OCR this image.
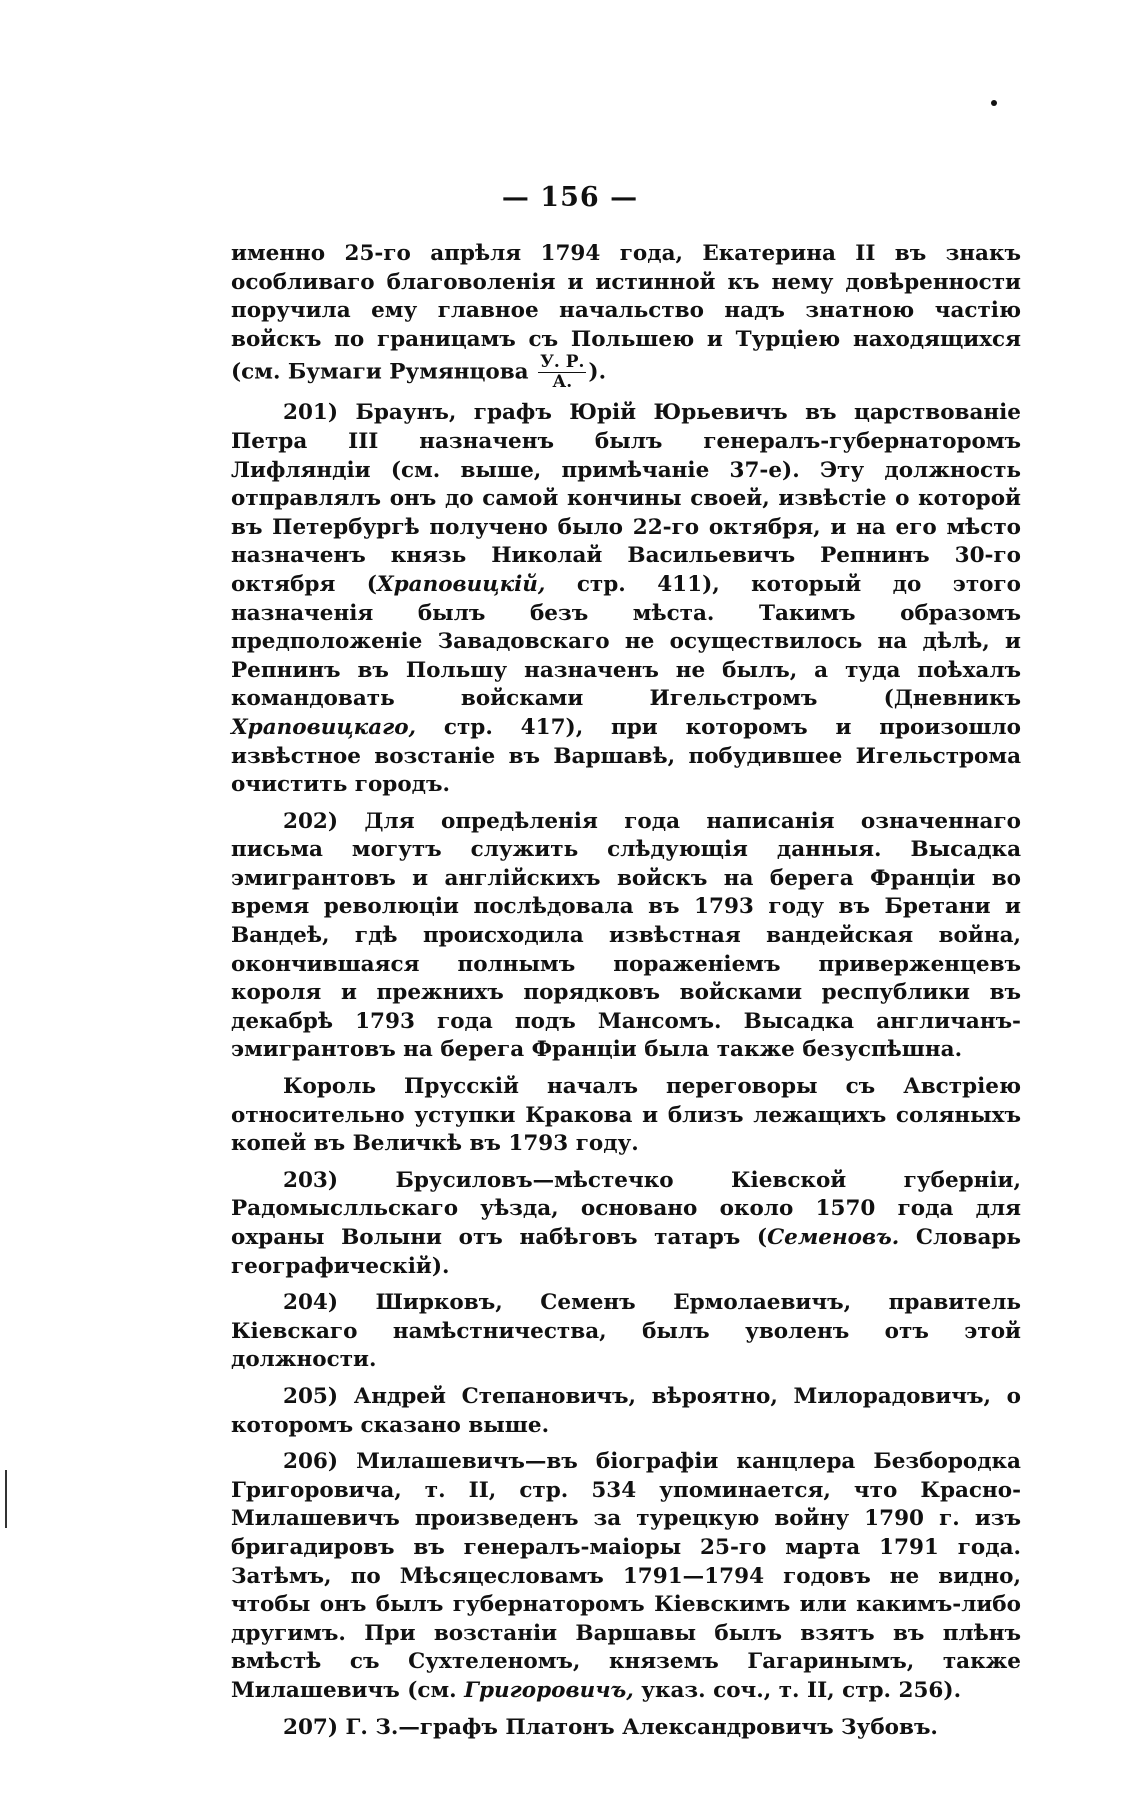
— 156 —

именно 25-го апрѣля 1794 года, Екатерина II въ знакъ особливаго благоволенія и истинной къ нему довѣренности поручила ему главное начальство надъ знатною частію войскъ по границамъ съ Польшею и Турціею находящихся (см. Бумаги Румянцова $\frac{У. Р.}{А.}$ ).

201) Браунъ, графъ Юрій Юрьевичъ въ царствованіе Петра III назначенъ былъ генералъ-губернаторомъ Лифляндіи (см. выше, примѣчаніе 37-е). Эту должность отправлялъ онъ до самой кончины своей, извѣстіе о которой въ Петербургѣ получено было 22-го октября, и на его мѣсто назначенъ князь Николай Васильевичъ Репнинъ 30-го октября (Храповицкій, стр. 411), который до этого назначенія былъ безъ мѣста. Такимъ образомъ предположеніе Завадовскаго не осуществилось на дѣлѣ, и Репнинъ въ Польшу назначенъ не былъ, а туда поѣхалъ командовать войсками Игельстромъ (Дневникъ Храповицкаго, стр. 417), при которомъ и произошло извѣстное возстаніе въ Варшавѣ, побудившее Игельстрома очистить городъ.

202) Для опредѣленія года написанія означеннаго письма могутъ служить слѣдующія данныя. Высадка эмигрантовъ и англійскихъ войскъ на берега Франціи во время революціи послѣдовала въ 1793 году въ Бретани и Вандеѣ, гдѣ происходила извѣстная вандейская война, окончившаяся полнымъ пораженіемъ приверженцевъ короля и прежнихъ порядковъ войсками республики въ декабрѣ 1793 года подъ Мансомъ. Высадка англичанъ-эмигрантовъ на берега Франціи была также безуспѣшна.

Король Прусскій началъ переговоры съ Австріею относительно уступки Кракова и близъ лежащихъ соляныхъ копей въ Величкѣ въ 1793 году.

203) Брусиловъ—мѣстечко Кіевской губерніи, Радомыслльскаго уѣзда, основано около 1570 года для охраны Волыни отъ набѣговъ татаръ (Семеновъ. Словарь географическій).

204) Ширковъ, Семенъ Ермолаевичъ, правитель Кіевскаго намѣстничества, былъ уволенъ отъ этой должности.

205) Андрей Степановичъ, вѣроятно, Милорадовичъ, о которомъ сказано выше.

206) Милашевичъ—въ біографіи канцлера Безбородка Григоровича, т. II, стр. 534 упоминается, что Красно-Милашевичъ произведенъ за турецкую войну 1790 г. изъ бригадировъ въ генералъ-маіоры 25-го марта 1791 года. Затѣмъ, по Мѣсяцесловамъ 1791—1794 годовъ не видно, чтобы онъ былъ губернаторомъ Кіевскимъ или какимъ-либо другимъ. При возстаніи Варшавы былъ взятъ въ плѣнъ вмѣстѣ съ Сухтеленомъ, княземъ Гагаринымъ, также Милашевичъ (см. Григоровичъ, указ. соч., т. II, стр. 256).

207) Г. З.—графъ Платонъ Александровичъ Зубовъ.
